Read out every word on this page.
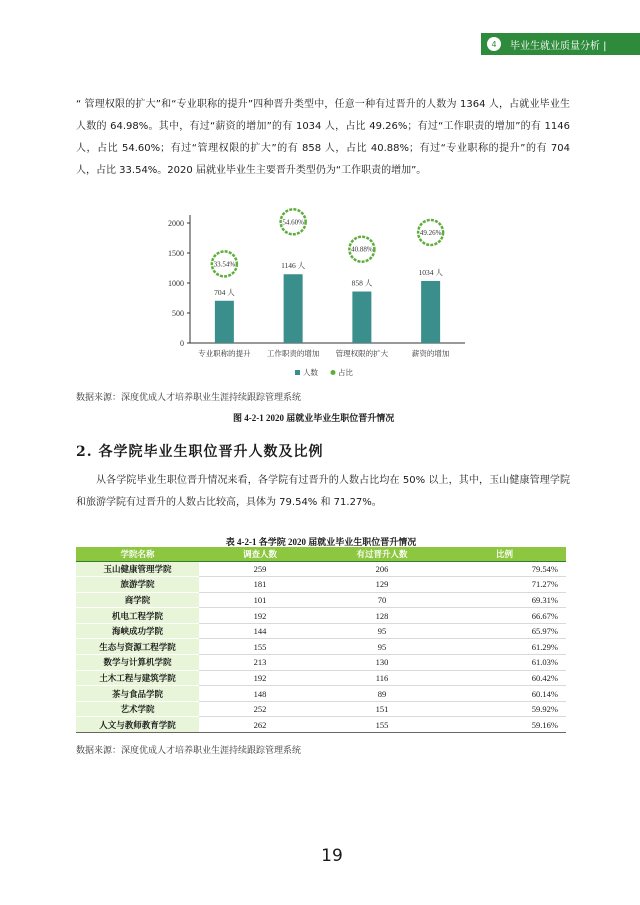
4	毕业生就业质量分析 |

“ 管理权限的扩大”和“专业职称的提升”四种晋升类型中，任意一种有过晋升的人数为 1364 人，占就业毕业生人数的 64.98%。其中，有过“薪资的增加”的有 1034 人，占比 49.26%；有过“工作职责的增加”的有 1146 人，占比 54.60%；有过“管理权限的扩大”的有 858 人，占比 40.88%；有过“专业职称的提升”的有 704 人，占比 33.54%。2020 届就业毕业生主要晋升类型仍为“工作职责的增加”。

0
500
1000
1500
2000
704 人
33.54%
专业职称的提升
1146 人
54.60%
工作职责的增加
858 人
40.88%
管理权限的扩大
1034 人
49.26%
薪资的增加
人数	占比
数据来源：深度优成人才培养职业生涯持续跟踪管理系统
图 4-2-1 2020 届就业毕业生职位晋升情况
2. 各学院毕业生职位晋升人数及比例

从各学院毕业生职位晋升情况来看，各学院有过晋升的人数占比均在 50% 以上，其中，玉山健康管理学院和旅游学院有过晋升的人数占比较高，具体为 79.54% 和 71.27%。

表 4-2-1 各学院 2020 届就业毕业生职位晋升情况
学院名称	调查人数	有过晋升人数	比例
玉山健康管理学院	259	206	79.54%
旅游学院	181	129	71.27%
商学院	101	70	69.31%
机电工程学院	192	128	66.67%
海峡成功学院	144	95	65.97%
生态与资源工程学院	155	95	61.29%
数学与计算机学院	213	130	61.03%
土木工程与建筑学院	192	116	60.42%
茶与食品学院	148	89	60.14%
艺术学院	252	151	59.92%
人文与教师教育学院	262	155	59.16%
数据来源：深度优成人才培养职业生涯持续跟踪管理系统
19
